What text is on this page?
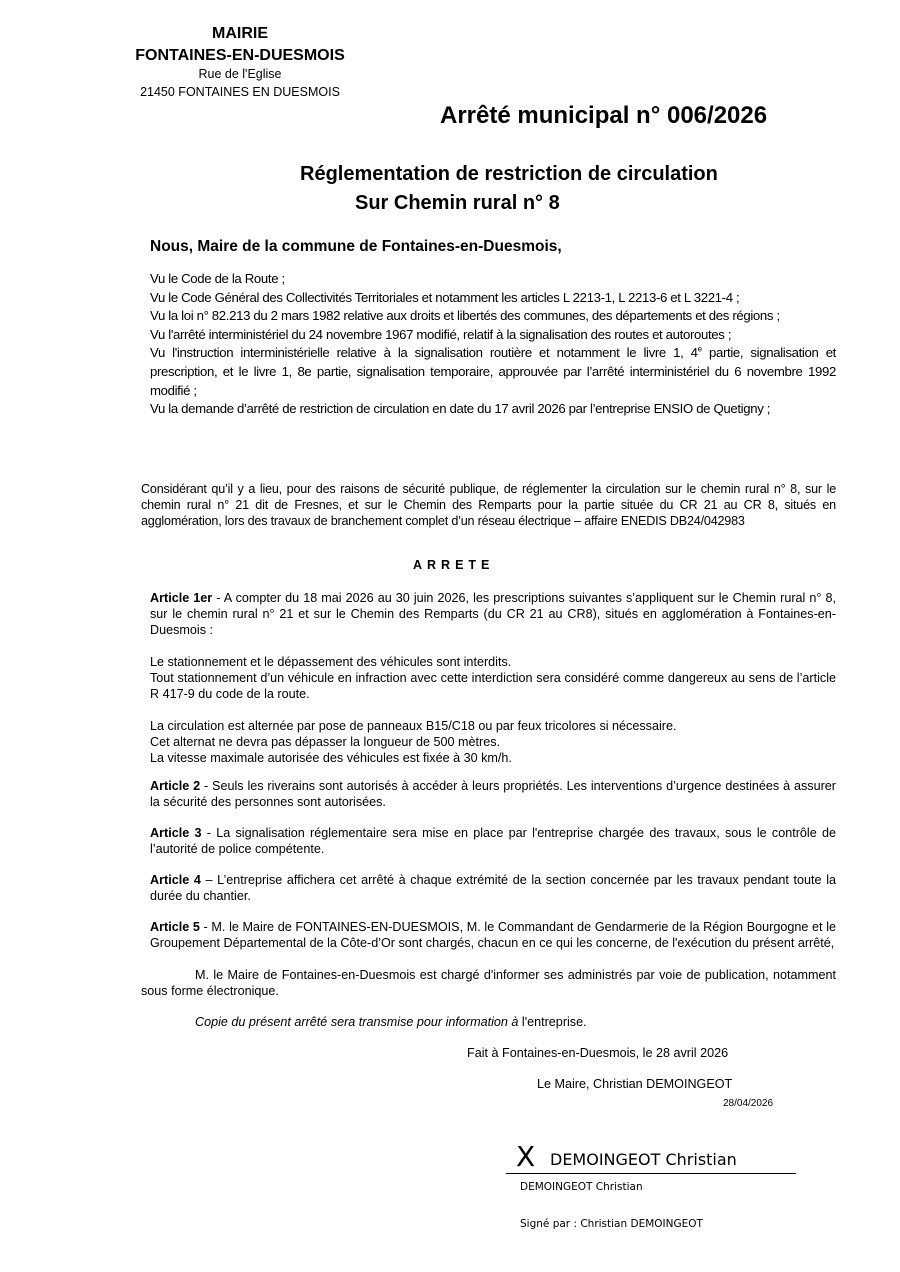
MAIRIE
FONTAINES-EN-DUESMOIS
Rue de l'Eglise
21450 FONTAINES EN DUESMOIS
Arrêté municipal n° 006/2026
Réglementation de restriction de circulation
Sur Chemin rural n° 8
Nous, Maire de la commune de Fontaines-en-Duesmois,
Vu le Code de la Route ;
Vu le Code Général des Collectivités Territoriales et notamment les articles L 2213-1, L 2213-6 et L 3221-4 ;
Vu la loi n° 82.213 du 2 mars 1982 relative aux droits et libertés des communes, des départements et des régions ;
Vu l'arrêté interministériel du 24 novembre 1967 modifié, relatif à la signalisation des routes et autoroutes ;
Vu l'instruction interministérielle relative à la signalisation routière et notamment le livre 1, 4e partie, signalisation et prescription, et le livre 1, 8e partie, signalisation temporaire, approuvée par l’arrêté interministériel du 6 novembre 1992 modifié ;
Vu la demande d’arrêté de restriction de circulation en date du 17 avril 2026 par l’entreprise ENSIO de Quetigny ;
Considérant qu’il y a lieu, pour des raisons de sécurité publique, de réglementer la circulation sur le chemin rural n° 8, sur le chemin rural n° 21 dit de Fresnes, et sur le Chemin des Remparts pour la partie située du CR 21 au CR 8, situés en agglomération, lors des travaux de branchement complet d’un réseau électrique – affaire ENEDIS DB24/042983
ARRETE
Article 1er - A compter du 18 mai 2026 au 30 juin 2026, les prescriptions suivantes s’appliquent sur le Chemin rural n° 8, sur le chemin rural n° 21 et sur le Chemin des Remparts (du CR 21 au CR8), situés en agglomération à Fontaines-en-Duesmois :

Le stationnement et le dépassement des véhicules sont interdits.

Tout stationnement d’un véhicule en infraction avec cette interdiction sera considéré comme dangereux au sens de l’article R 417-9 du code de la route.

La circulation est alternée par pose de panneaux B15/C18 ou par feux tricolores si nécessaire.

Cet alternat ne devra pas dépasser la longueur de 500 mètres.

La vitesse maximale autorisée des véhicules est fixée à 30 km/h.

Article 2 - Seuls les riverains sont autorisés à accéder à leurs propriétés. Les interventions d’urgence destinées à assurer la sécurité des personnes sont autorisées.
Article 3 - La signalisation réglementaire sera mise en place par l'entreprise chargée des travaux, sous le contrôle de l’autorité de police compétente.
Article 4 – L’entreprise affichera cet arrêté à chaque extrémité de la section concernée par les travaux pendant toute la durée du chantier.
Article 5 - M. le Maire de FONTAINES-EN-DUESMOIS, M. le Commandant de Gendarmerie de la Région Bourgogne et le Groupement Départemental de la Côte-d’Or sont chargés, chacun en ce qui les concerne, de l'exécution du présent arrêté,
M. le Maire de Fontaines-en-Duesmois est chargé d'informer ses administrés par voie de publication, notamment sous forme électronique.
Copie du présent arrêté sera transmise pour information à l'entreprise.
Fait à Fontaines-en-Duesmois, le 28 avril 2026
Le Maire, Christian DEMOINGEOT
28/04/2026
X DEMOINGEOT Christian
DEMOINGEOT Christian
Signé par : Christian DEMOINGEOT
